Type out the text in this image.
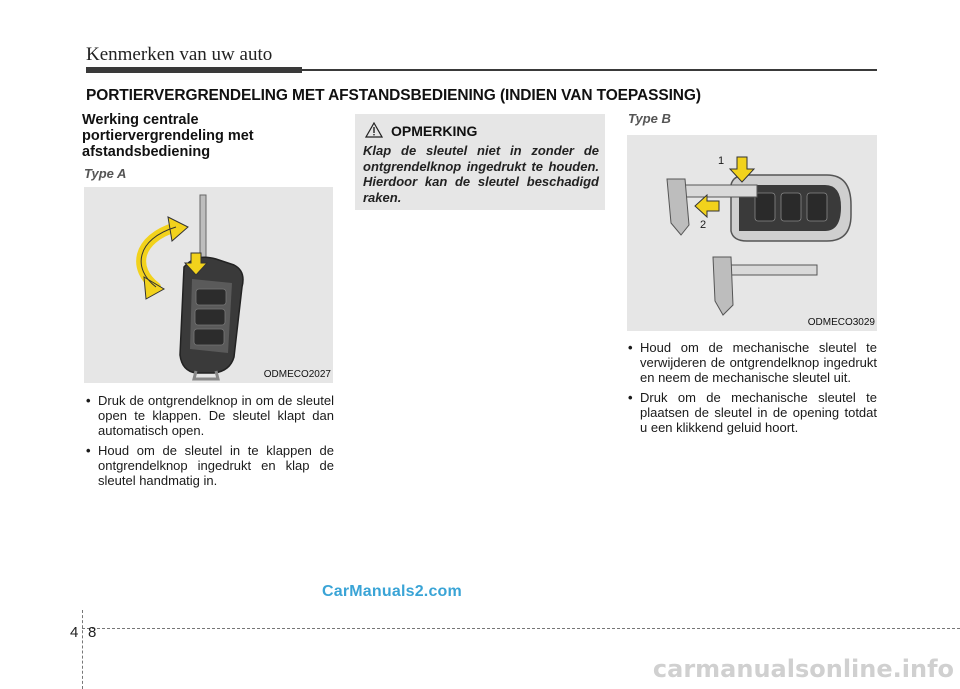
Kenmerken van uw auto
PORTIERVERGRENDELING MET AFSTANDSBEDIENING (INDIEN VAN TOEPASSING)
Werking centrale
portiervergrendeling met
afstandsbediening
Type A
ODMECO2027
• Druk de ontgrendelknop in om de sleutel open te klappen. De sleutel klapt dan automatisch open.
• Houd om de sleutel in te klappen de ontgrendelknop ingedrukt en klap de sleutel handmatig in.
OPMERKING
Klap de sleutel niet in zonder de ontgrendelknop ingedrukt te houden. Hierdoor kan de sleutel beschadigd raken.
Type B
1
2
ODMECO3029
• Houd om de mechanische sleutel te verwijderen de ontgrendelknop ingedrukt en neem de mechanische sleutel uit.
• Druk om de mechanische sleutel te plaatsen de sleutel in de opening totdat u een klikkend geluid hoort.
CarManuals2.com
4 8
carmanualsonline.info
